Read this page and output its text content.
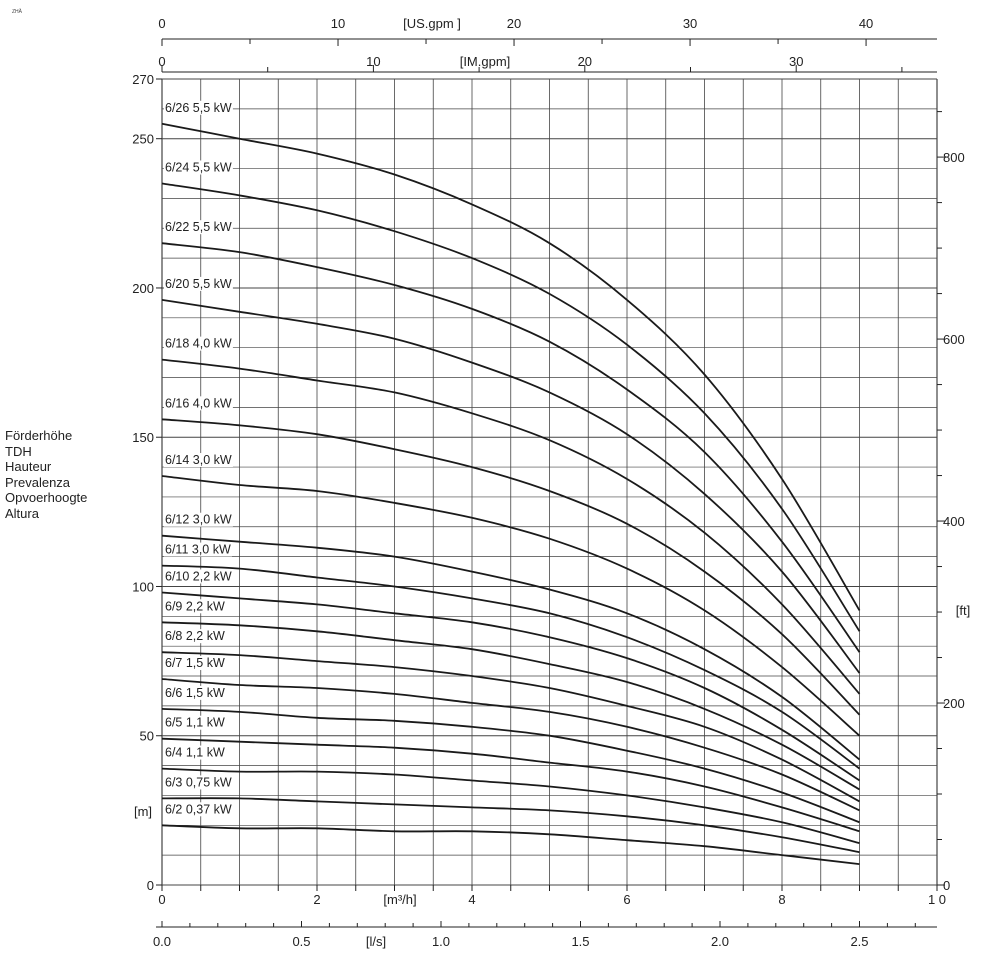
ZHÄ
Förderhöhe
TDH
Hauteur
Prevalenza
Opvoerhoogte
Altura
0
50
100
150
200
250
270
[m]
0
200
400
600
800
[ft]
0	2	4	6	8	1 0
[m³/h]
0.0	0.5	1.0	1.5	2.0	2.5
[l/s]
0	10	20	30	40
[US.gpm ]
0	10	20	30
[IM.gpm]
6/26 5,5 kW
6/24 5,5 kW
6/22 5,5 kW
6/20 5,5 kW
6/18 4,0 kW
6/16 4,0 kW
6/14 3,0 kW
6/12 3,0 kW
6/11 3,0 kW
6/10 2,2 kW
6/9 2,2 kW
6/8 2,2 kW
6/7 1,5 kW
6/6 1,5 kW
6/5 1,1 kW
6/4 1,1 kW
6/3 0,75 kW
6/2 0,37 kW
